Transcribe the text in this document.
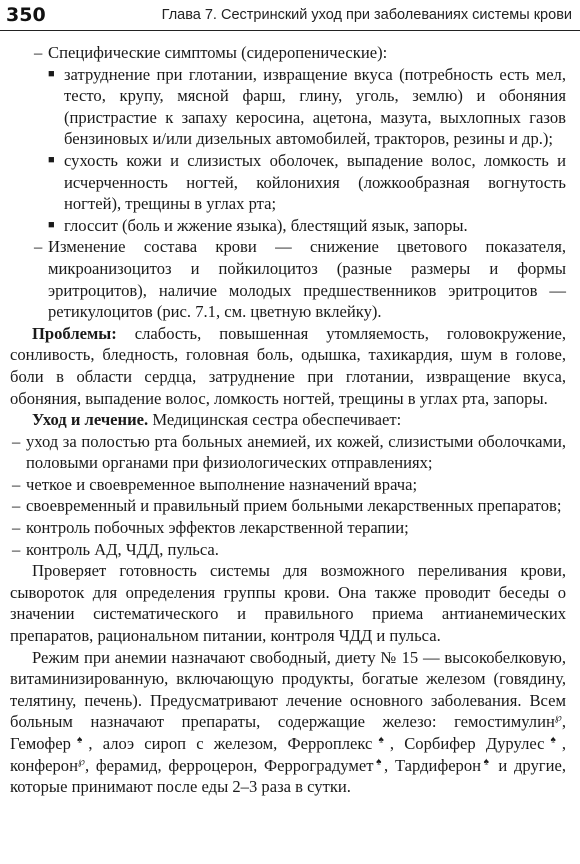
350	Глава 7. Сестринский уход при заболеваниях системы крови

– Специфические симптомы (сидеропенические):

■ затруднение при глотании, извращение вкуса (потребность есть мел, тесто, крупу, мясной фарш, глину, уголь, землю) и обоняния (пристрастие к запаху керосина, ацетона, мазута, выхлопных газов бензиновых и/или дизельных автомобилей, тракторов, резины и др.);

■ сухость кожи и слизистых оболочек, выпадение волос, ломкость и исчерченность ногтей, койлонихия (ложкообразная вогнутость ногтей), трещины в углах рта;

■ глоссит (боль и жжение языка), блестящий язык, запоры.

– Изменение состава крови — снижение цветового показателя, микроанизоцитоз и пойкилоцитоз (разные размеры и формы эритроцитов), наличие молодых предшественников эритроцитов — ретикулоцитов (рис. 7.1, см. цветную вклейку).

Проблемы: слабость, повышенная утомляемость, головокружение, сонливость, бледность, головная боль, одышка, тахикардия, шум в голове, боли в области сердца, затруднение при глотании, извращение вкуса, обоняния, выпадение волос, ломкость ногтей, трещины в углах рта, запоры.

Уход и лечение. Медицинская сестра обеспечивает:

– уход за полостью рта больных анемией, их кожей, слизистыми оболочками, половыми органами при физиологических отправлениях;

– четкое и своевременное выполнение назначений врача;

– своевременный и правильный прием больными лекарственных препаратов;

– контроль побочных эффектов лекарственной терапии;

– контроль АД, ЧДД, пульса.

Проверяет готовность системы для возможного переливания крови, сывороток для определения группы крови. Она также проводит беседы о значении систематического и правильного приема антианемических препаратов, рациональном питании, контроля ЧДД и пульса.

Режим при анемии назначают свободный, диету № 15 — высокобелковую, витаминизированную, включающую продукты, богатые железом (говядину, телятину, печень). Предусматривают лечение основного заболевания. Всем больным назначают препараты, содержащие железо: гемостимулин℘, Гемофер♠, алоэ сироп с железом, Ферроплекс♠, Сорбифер Дурулес♠, конферон℘, ферамид, ферроцерон, Ферроградумет♠, Тардиферон♠ и другие, которые принимают после еды 2–3 раза в сутки.
